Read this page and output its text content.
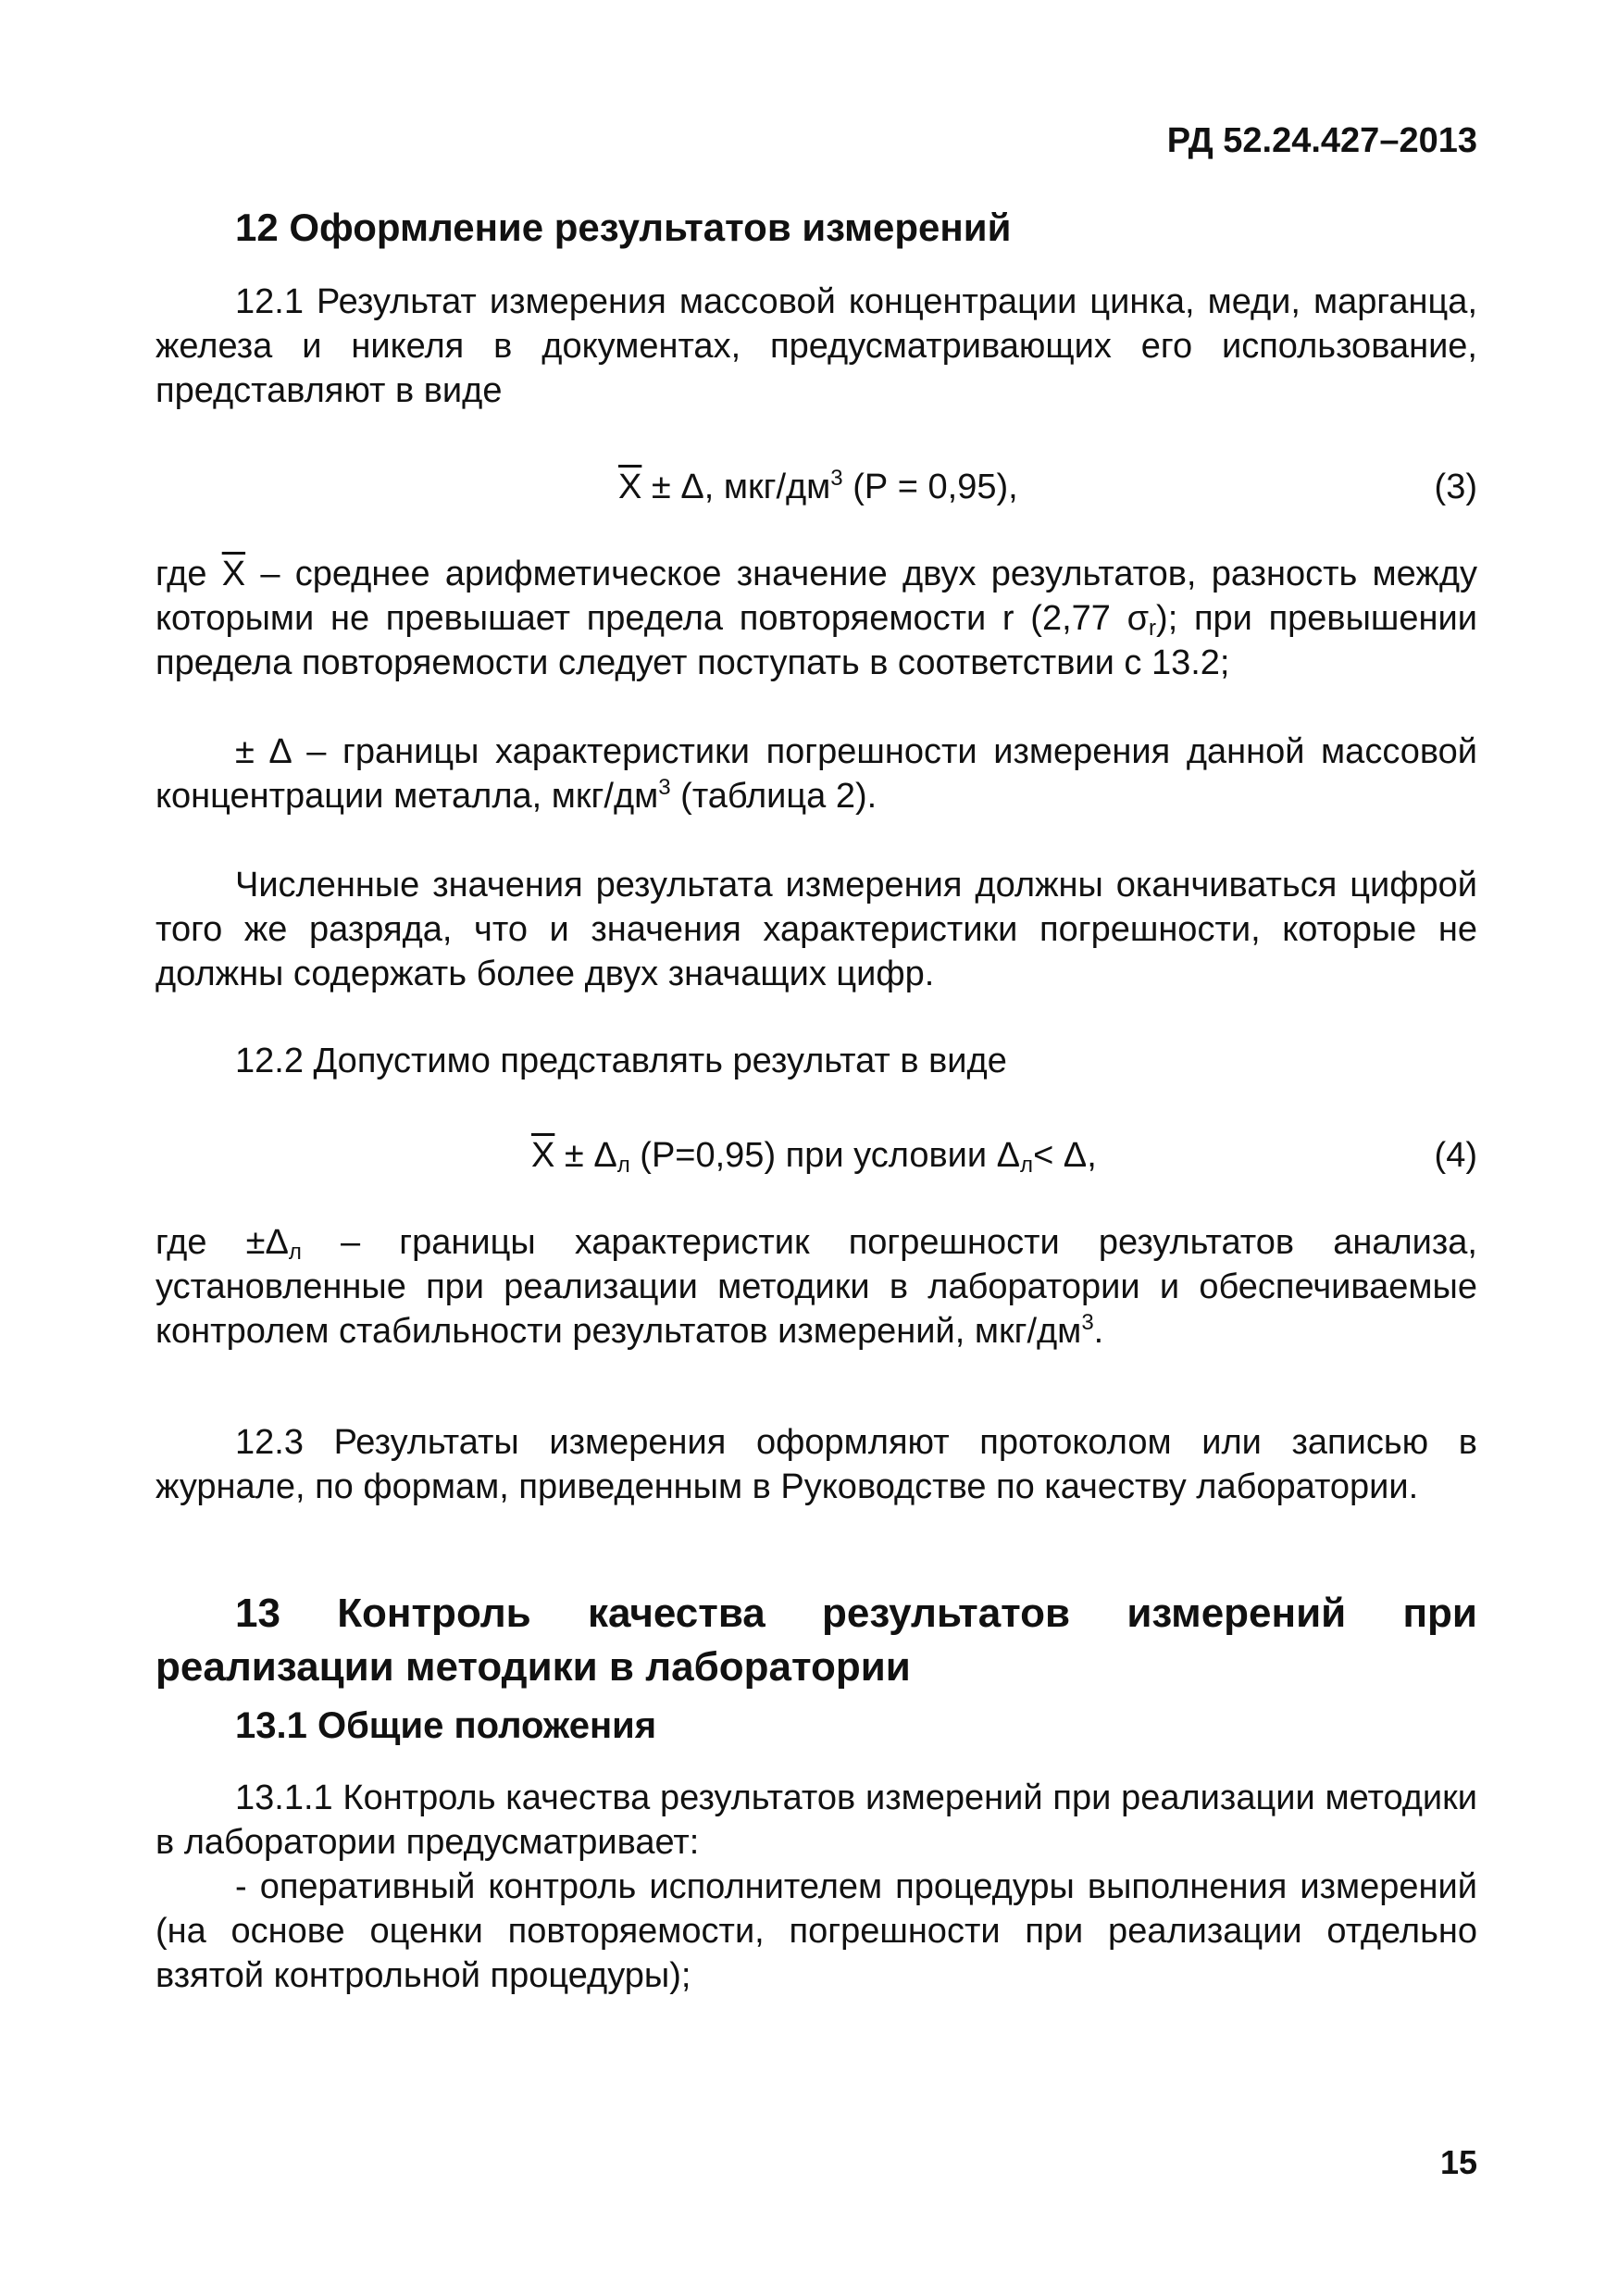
РД 52.24.427–2013
12 Оформление результатов измерений
12.1 Результат измерения массовой концентрации цинка, меди, марганца, железа и никеля в документах, предусматривающих его использование, представляют в виде
$\overline{X} \pm \Delta$, мкг/$дм^3$ (Р = 0,95),	(3)
где $\overline{X}$ – среднее арифметическое значение двух результатов, разность между которыми не превышает предела повторяемости r (2,77 $\sigma_r$); при превышении предела повторяемости следует поступать в соответствии с 13.2;
± Δ – границы характеристики погрешности измерения данной массовой концентрации металла, мкг/$дм^3$ (таблица 2).
Численные значения результата измерения должны оканчиваться цифрой того же разряда, что и значения характеристики погрешности, которые не должны содержать более двух значащих цифр.
12.2 Допустимо представлять результат в виде
$\overline{X} \pm \Delta_л$ (Р=0,95) при условии $\Delta_л< \Delta$,	(4)
где $\pm\Delta_л$ – границы характеристик погрешности результатов анализа, установленные при реализации методики в лаборатории и обеспечиваемые контролем стабильности результатов измерений, мкг/$дм^3$.
12.3 Результаты измерения оформляют протоколом или записью в журнале, по формам, приведенным в Руководстве по качеству лаборатории.
13 Контроль качества результатов измерений при
реализации методики в лаборатории
13.1 Общие положения
13.1.1 Контроль качества результатов измерений при реализации методики в лаборатории предусматривает:
- оперативный контроль исполнителем процедуры выполнения измерений (на основе оценки повторяемости, погрешности при реализации отдельно взятой контрольной процедуры);
15
